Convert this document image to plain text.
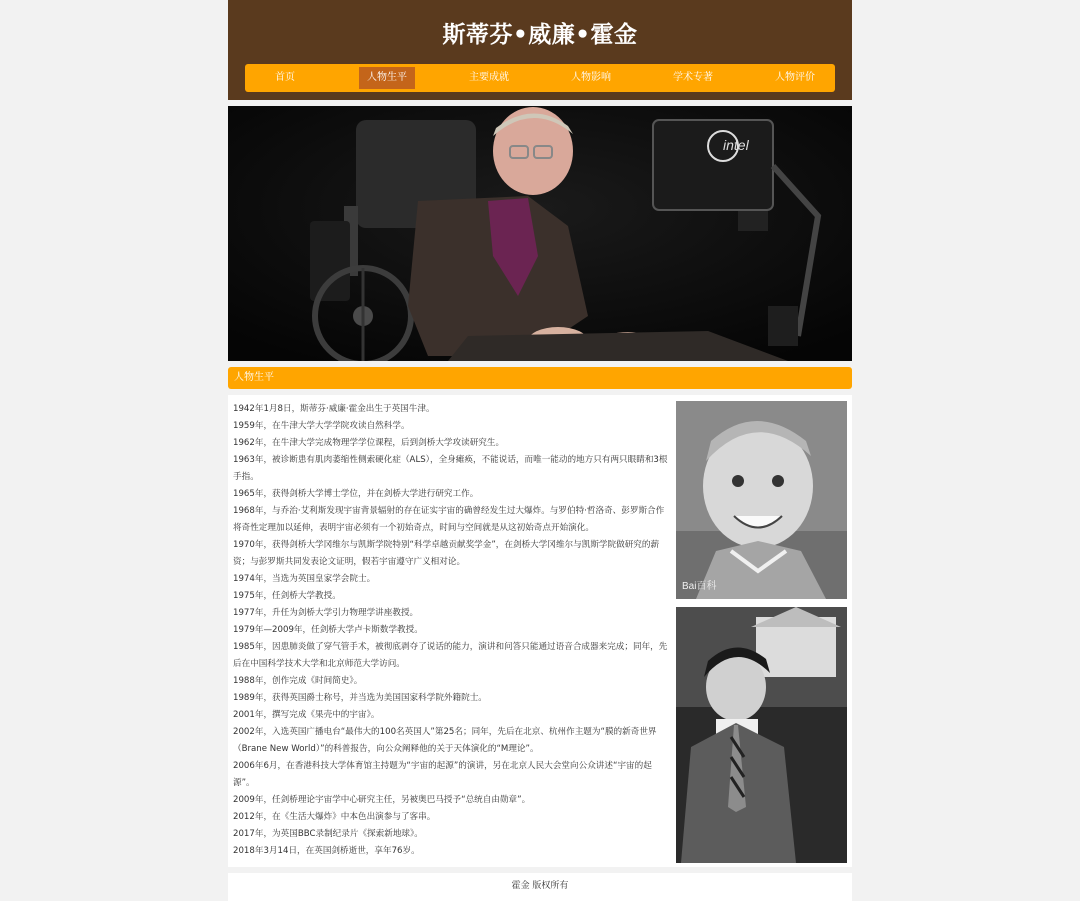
斯蒂芬•威廉•霍金
首页	人物生平	主要成就	人物影响	学术专著	人物评价
intel
人物生平
1942年1月8日，斯蒂芬·威廉·霍金出生于英国牛津。
1959年，在牛津大学大学学院攻读自然科学。
1962年，在牛津大学完成物理学学位课程，后到剑桥大学攻读研究生。
1963年，被诊断患有肌肉萎缩性侧索硬化症（ALS），全身瘫痪，不能说话，而唯一能动的地方只有两只眼睛和3根手指。
1965年，获得剑桥大学博士学位，并在剑桥大学进行研究工作。
1968年，与乔治·艾利斯发现宇宙背景辐射的存在证实宇宙的确曾经发生过大爆炸。与罗伯特·哲洛奇、彭罗斯合作将奇性定理加以延伸，表明宇宙必须有一个初始奇点，时间与空间就是从这初始奇点开始演化。
1970年，获得剑桥大学冈维尔与凯斯学院特别“科学卓越贡献奖学金”，在剑桥大学冈维尔与凯斯学院做研究的薪资；与彭罗斯共同发表论文证明，假若宇宙遵守广义相对论。
1974年，当选为英国皇家学会院士。
1975年，任剑桥大学教授。
1977年，升任为剑桥大学引力物理学讲座教授。
1979年—2009年，任剑桥大学卢卡斯数学教授。
1985年，因患肺炎做了穿气管手术，被彻底剥夺了说话的能力，演讲和问答只能通过语音合成器来完成；同年，先后在中国科学技术大学和北京师范大学访问。
1988年，创作完成《时间简史》。
1989年，获得英国爵士称号，并当选为美国国家科学院外籍院士。
2001年，撰写完成《果壳中的宇宙》。
2002年，入选英国广播电台“最伟大的100名英国人”第25名；同年，先后在北京、杭州作主题为“膜的新奇世界（Brane New World）”的科普报告，向公众阐释他的关于天体演化的“M理论”。
2006年6月，在香港科技大学体育馆主持题为“宇宙的起源”的演讲，另在北京人民大会堂向公众讲述“宇宙的起源”。
2009年，任剑桥理论宇宙学中心研究主任，另被奥巴马授予“总统自由勋章”。
2012年，在《生活大爆炸》中本色出演参与了客串。
2017年，为英国BBC录制纪录片《探索新地球》。
2018年3月14日，在英国剑桥逝世，享年76岁。
Bai百科
霍金 版权所有
